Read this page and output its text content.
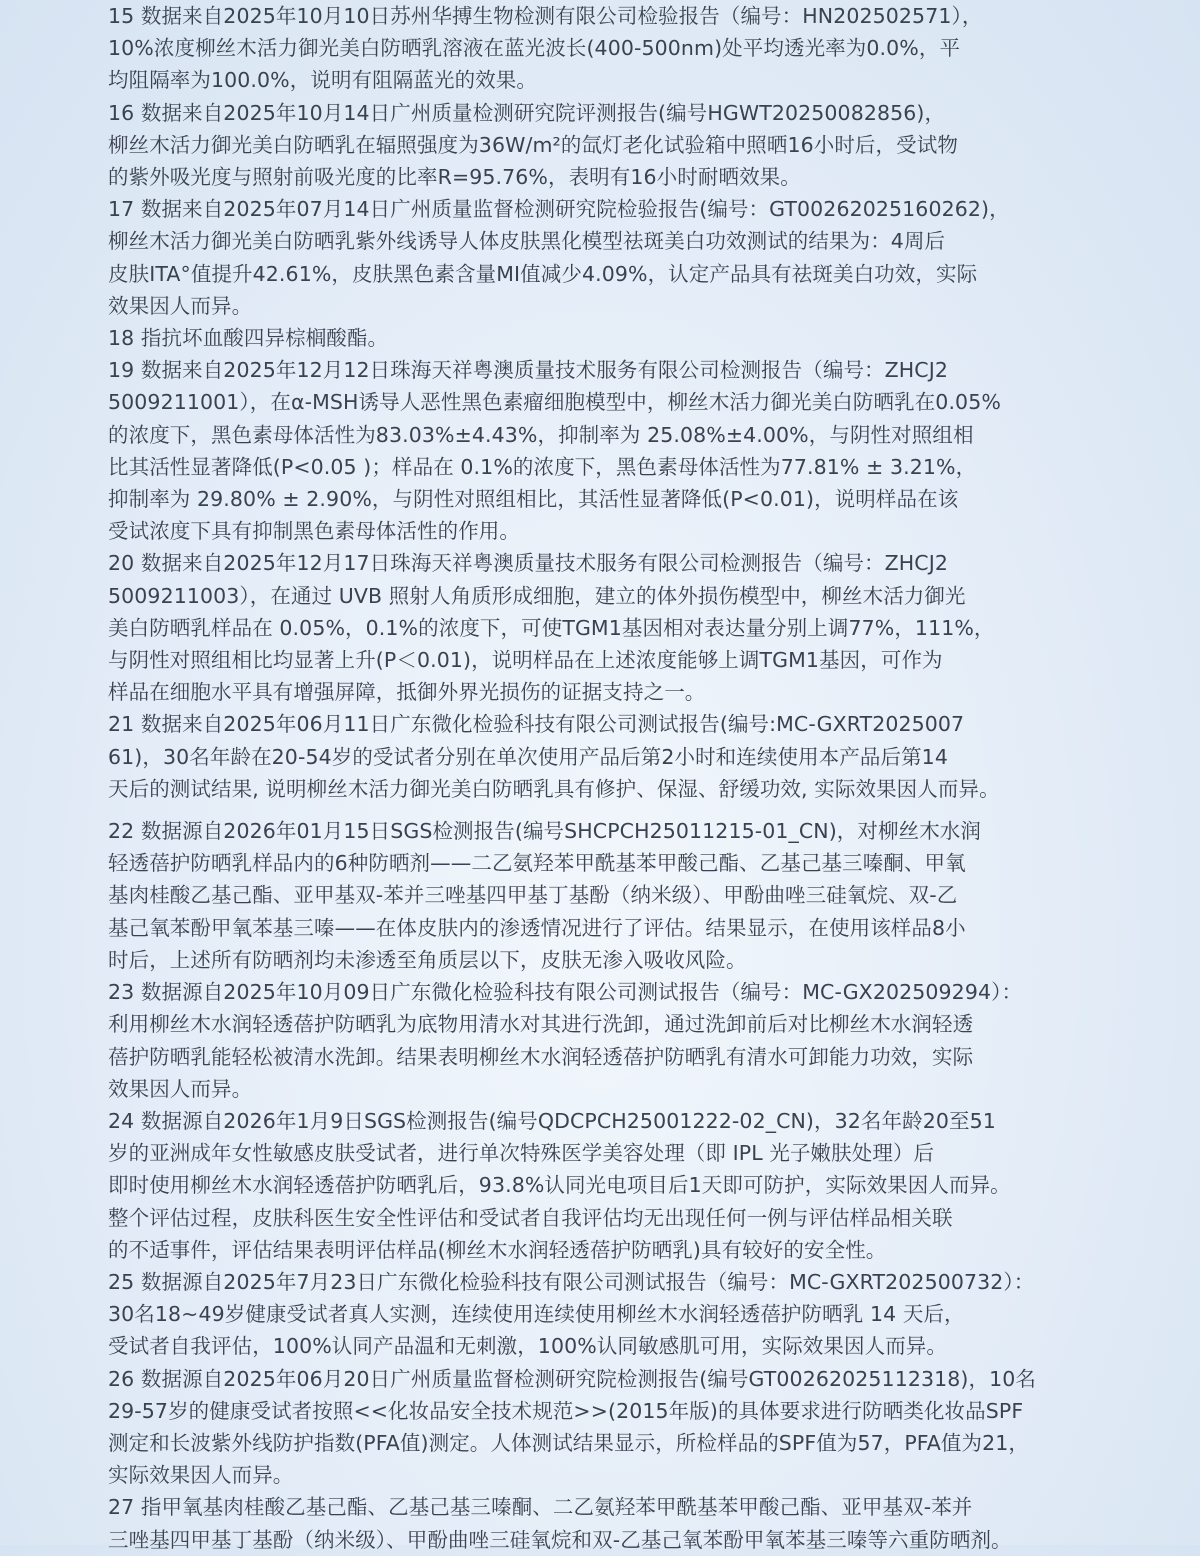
15 数据来自2025年10月10日苏州华搏生物检测有限公司检验报告（编号：HN202502571），
10%浓度柳丝木活力御光美白防晒乳溶液在蓝光波长(400-500nm)处平均透光率为0.0%，平
均阻隔率为100.0%，说明有阻隔蓝光的效果。

16 数据来自2025年10月14日广州质量检测研究院评测报告(编号HGWT20250082856)，
柳丝木活力御光美白防晒乳在辐照强度为36W/m²的氙灯老化试验箱中照晒16小时后，受试物
的紫外吸光度与照射前吸光度的比率R=95.76%，表明有16小时耐晒效果。

17 数据来自2025年07月14日广州质量监督检测研究院检验报告(编号：GT00262025160262)，
柳丝木活力御光美白防晒乳紫外线诱导人体皮肤黑化模型祛斑美白功效测试的结果为：4周后
皮肤ITA°值提升42.61%，皮肤黑色素含量MI值减少4.09%，认定产品具有祛斑美白功效，实际
效果因人而异。

18 指抗坏血酸四异棕榈酸酯。

19 数据来自2025年12月12日珠海天祥粤澳质量技术服务有限公司检测报告（编号：ZHCJ2
5009211001），在α-MSH诱导人恶性黑色素瘤细胞模型中，柳丝木活力御光美白防晒乳在0.05%
的浓度下，黑色素母体活性为83.03%±4.43%，抑制率为 25.08%±4.00%，与阴性对照组相
比其活性显著降低(P<0.05 )；样品在 0.1%的浓度下，黑色素母体活性为77.81% ± 3.21%，
抑制率为 29.80% ± 2.90%，与阴性对照组相比，其活性显著降低(P<0.01)，说明样品在该
受试浓度下具有抑制黑色素母体活性的作用。

20 数据来自2025年12月17日珠海天祥粤澳质量技术服务有限公司检测报告（编号：ZHCJ2
5009211003），在通过 UVB 照射人角质形成细胞，建立的体外损伤模型中，柳丝木活力御光
美白防晒乳样品在 0.05%，0.1%的浓度下，可使TGM1基因相对表达量分别上调77%，111%，
与阴性对照组相比均显著上升(P＜0.01)，说明样品在上述浓度能够上调TGM1基因，可作为
样品在细胞水平具有增强屏障，抵御外界光损伤的证据支持之一。

21 数据来自2025年06月11日广东微化检验科技有限公司测试报告(编号:MC-GXRT2025007
61)，30名年龄在20-54岁的受试者分别在单次使用产品后第2小时和连续使用本产品后第14
天后的测试结果, 说明柳丝木活力御光美白防晒乳具有修护、保湿、舒缓功效, 实际效果因人而异。

22 数据源自2026年01月15日SGS检测报告(编号SHCPCH25011215-01_CN)，对柳丝木水润
轻透蓓护防晒乳样品内的6种防晒剂——二乙氨羟苯甲酰基苯甲酸己酯、乙基己基三嗪酮、甲氧
基肉桂酸乙基己酯、亚甲基双-苯并三唑基四甲基丁基酚（纳米级）、甲酚曲唑三硅氧烷、双-乙
基己氧苯酚甲氧苯基三嗪——在体皮肤内的渗透情况进行了评估。结果显示，在使用该样品8小
时后，上述所有防晒剂均未渗透至角质层以下，皮肤无渗入吸收风险。

23 数据源自2025年10月09日广东微化检验科技有限公司测试报告（编号：MC-GX202509294）：
利用柳丝木水润轻透蓓护防晒乳为底物用清水对其进行洗卸，通过洗卸前后对比柳丝木水润轻透
蓓护防晒乳能轻松被清水洗卸。结果表明柳丝木水润轻透蓓护防晒乳有清水可卸能力功效，实际
效果因人而异。

24 数据源自2026年1月9日SGS检测报告(编号QDCPCH25001222-02_CN)，32名年龄20至51
岁的亚洲成年女性敏感皮肤受试者，进行单次特殊医学美容处理（即 IPL 光子嫩肤处理）后
即时使用柳丝木水润轻透蓓护防晒乳后，93.8%认同光电项目后1天即可防护，实际效果因人而异。
整个评估过程，皮肤科医生安全性评估和受试者自我评估均无出现任何一例与评估样品相关联
的不适事件，评估结果表明评估样品(柳丝木水润轻透蓓护防晒乳)具有较好的安全性。

25 数据源自2025年7月23日广东微化检验科技有限公司测试报告（编号：MC-GXRT202500732）：
30名18~49岁健康受试者真人实测，连续使用连续使用柳丝木水润轻透蓓护防晒乳 14 天后，
受试者自我评估，100%认同产品温和无刺激，100%认同敏感肌可用，实际效果因人而异。

26 数据源自2025年06月20日广州质量监督检测研究院检测报告(编号GT00262025112318)，10名
29-57岁的健康受试者按照<<化妆品安全技术规范>>(2015年版)的具体要求进行防晒类化妆品SPF
测定和长波紫外线防护指数(PFA值)测定。人体测试结果显示，所检样品的SPF值为57，PFA值为21，
实际效果因人而异。

27 指甲氧基肉桂酸乙基己酯、乙基己基三嗪酮、二乙氨羟苯甲酰基苯甲酸己酯、亚甲基双-苯并
三唑基四甲基丁基酚（纳米级）、甲酚曲唑三硅氧烷和双-乙基己氧苯酚甲氧苯基三嗪等六重防晒剂。
